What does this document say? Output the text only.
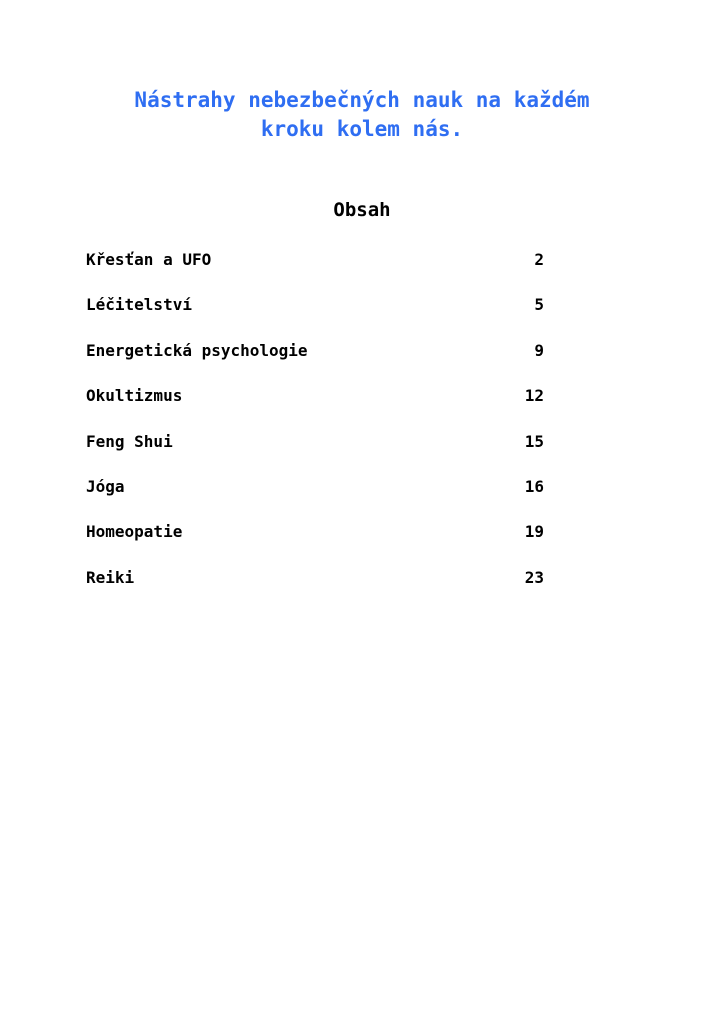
Nástrahy nebezbečných nauk na každém
kroku kolem nás.
Obsah
Křesťan a UFO	2
Léčitelství	5
Energetická psychologie	9
Okultizmus	12
Feng Shui	15
Jóga	16
Homeopatie	19
Reiki	23
